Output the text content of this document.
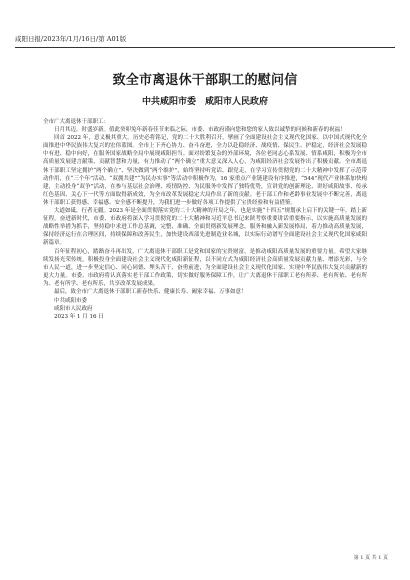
咸阳日报/2023年/1月/16日/第 A01版
致全市离退休干部职工的慰问信
中共咸阳市委　咸阳市人民政府

全市广大离退休干部职工：

日月其迈，时盛岁新。值此癸卯兔年新春佳节来临之际，市委、市政府谨向您和您的家人致以诚挚的问候和新春的祝福！

回首 2022 年，意义极其重大。历史必将铭记，党的二十大胜利召开，擘画了全面建设社会主义现代化国家、以中国式现代化全面推进中华民族伟大复兴的宏伟蓝图。全市上下齐心协力、奋斗奋进，全力以赴稳经济、战疫情、保民生、护稳定，经济社会发展稳中有进、稳中向好，在服务国家战略全局中展现咸阳担当。面对纷繁复杂的外部环境，各位老同志心系发展、情系咸阳，积极为全市高质量发展建言献策、贡献智慧和力量，有力推动了“两个确立”重大意义深入人心，为咸阳经济社会发展作出了积极贡献。全市离退休干部职工坚定拥护“两个确立”、坚决做到“两个维护”，始终坚持听党话、跟党走，在学习宣传贯彻党的二十大精神中发挥了示范带动作用，在“三个年”活动、“双拥共建”“为民办实事”等活动中积极作为，16 家重点产业链建设有序推进，“544”现代产业体系加快构建，主动投身“双争”活动，在参与基层社会治理、疫情防控、为民服务中发挥了独特优势，宣讲党的创新理论、讲好咸阳故事、传承红色基因、关心下一代等方面取得新成效，为全市改革发展稳定大局作出了新的贡献。老干部工作和老龄事业发展中不断完善，离退休干部职工获得感、幸福感、安全感不断提升，为我们进一步做好各项工作提供了宝贵经验和有益借鉴。

大道如砥，行者无疆。2023 年是全面贯彻落实党的二十大精神的开局之年，也是实施“十四五”规划承上启下的关键一年。踏上新征程，奋进新时代，市委、市政府将深入学习贯彻党的二十大精神和习近平总书记来陕考察重要讲话重要指示，以实施高质量发展的战略性举措为抓手，坚持稳中求进工作总基调，完整、准确、全面贯彻新发展理念，服务和融入新发展格局，着力推动高质量发展，保持经济运行在合理区间，持续保障和改善民生，加快建设西部先进制造业名城，以实际行动谱写全面建设社会主义现代化国家咸阳新篇章。

百年征程初心，踏路奋斗再出发。广大离退休干部职工是党和国家的宝贵财富，是推动咸阳高质量发展的重要力量。希望大家继续发扬光荣传统，积极投身全面建设社会主义现代化咸阳新征程，以不同方式为咸阳经济社会高质量发展贡献力量、增添光彩，与全市人民一道，进一步坚定信心、同心同德、埋头苦干、奋勇前进，为全面建设社会主义现代化国家、实现中华民族伟大复兴贡献新的更大力量。市委、市政府将认真落实老干部工作政策，切实做好服务保障工作，让广大离退休干部职工老有所养、老有所依、老有所为、老有所学、老有所乐，共享改革发展成果。

最后，致全市广大离退休干部职工新春快乐、健康长寿、阖家幸福、万事如意！

中共咸阳市委

咸阳市人民政府

2023 年 1 月 16 日

第 1 页 共 1 页
